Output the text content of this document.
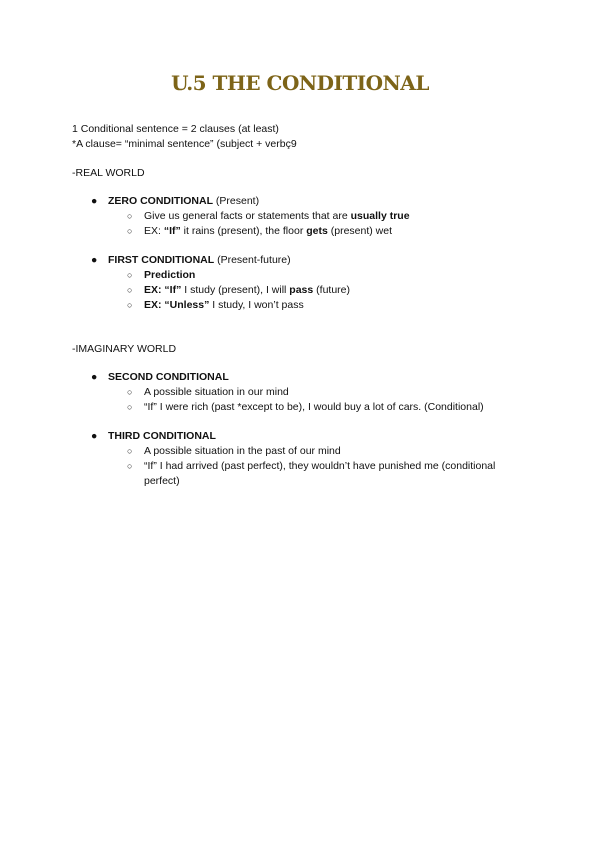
U.5 THE CONDITIONAL
1 Conditional sentence = 2 clauses (at least)
*A clause= “minimal sentence” (subject + verbç9
-REAL WORLD
● ZERO CONDITIONAL (Present)
○ Give us general facts or statements that are usually true
○ EX: “If” it rains (present), the floor gets (present) wet
● FIRST CONDITIONAL (Present-future)
○ Prediction
○ EX: “If” I study (present), I will pass (future)
○ EX: “Unless” I study, I won’t pass
-IMAGINARY WORLD
● SECOND CONDITIONAL
○ A possible situation in our mind
○ “If” I were rich (past *except to be), I would buy a lot of cars. (Conditional)
● THIRD CONDITIONAL
○ A possible situation in the past of our mind
○ “If” I had arrived (past perfect), they wouldn’t have punished me (conditional perfect)
